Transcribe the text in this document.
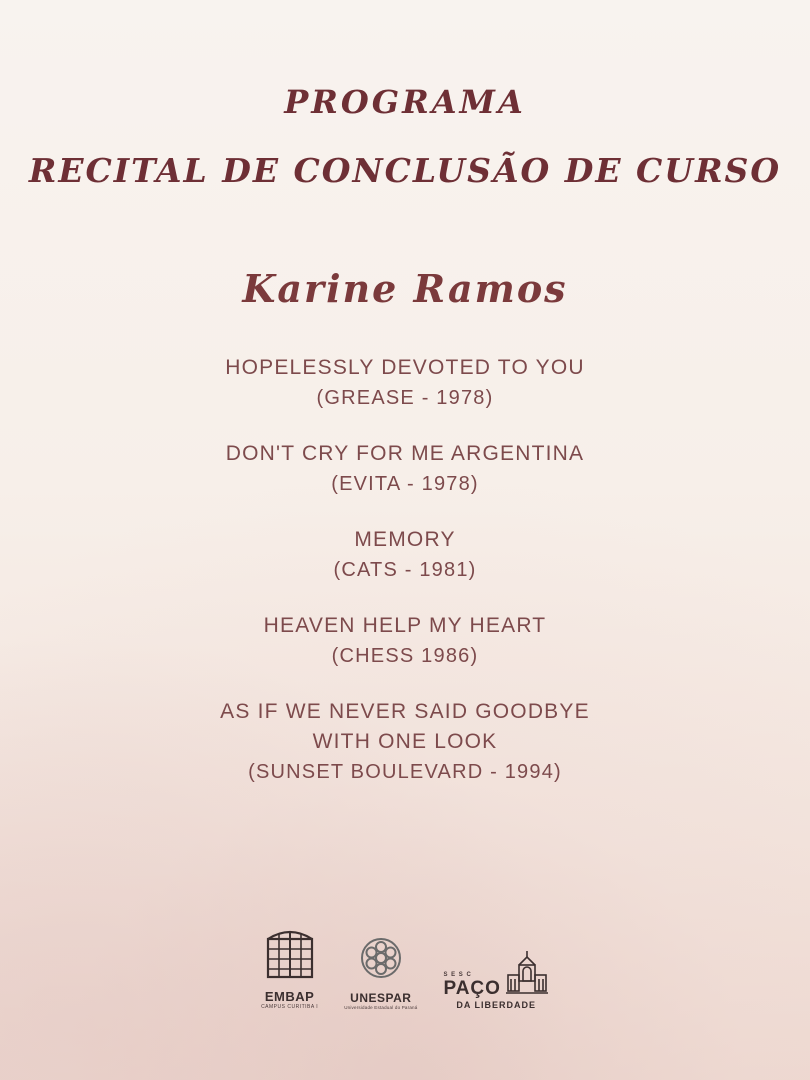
PROGRAMA
RECITAL DE CONCLUSÃO DE CURSO
Karine Ramos
HOPELESSLY DEVOTED TO YOU
(GREASE - 1978)
DON'T CRY FOR ME ARGENTINA
(EVITA - 1978)
MEMORY
(CATS - 1981)
HEAVEN HELP MY HEART
(CHESS 1986)
AS IF WE NEVER SAID GOODBYE
WITH ONE LOOK
(SUNSET BOULEVARD - 1994)
EMBAP
CAMPUS CURITIBA I
UNESPAR
Universidade Estadual do Paraná
S E S C
PAÇO
DA LIBERDADE
